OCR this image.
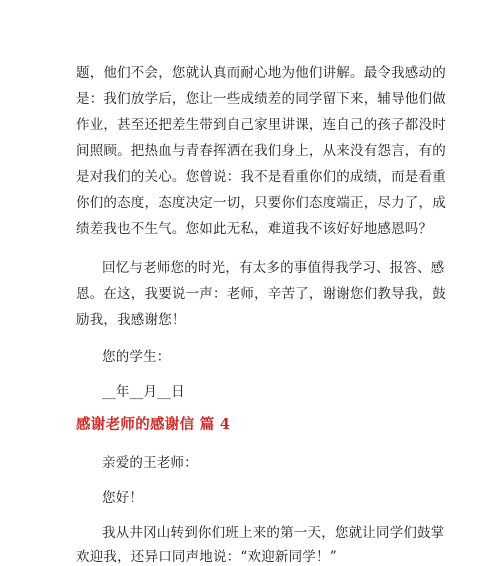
题，他们不会，您就认真而耐心地为他们讲解。最令我感动的
是：我们放学后，您让一些成绩差的同学留下来，辅导他们做
作业，甚至还把差生带到自己家里讲课，连自己的孩子都没时
间照顾。把热血与青春挥洒在我们身上，从来没有怨言，有的
是对我们的关心。您曾说：我不是看重你们的成绩，而是看重
你们的态度，态度决定一切，只要你们态度端正，尽力了，成
绩差我也不生气。您如此无私，难道我不该好好地感恩吗？
回忆与老师您的时光，有太多的事值得我学习、报答、感
恩。在这，我要说一声：老师，辛苦了，谢谢您们教导我，鼓
励我，我感谢您！
您的学生：
__年__月__日
感谢老师的感谢信 篇 4
亲爱的王老师：
您好！
我从井冈山转到你们班上来的第一天，您就让同学们鼓掌
欢迎我，还异口同声地说：“欢迎新同学！”
